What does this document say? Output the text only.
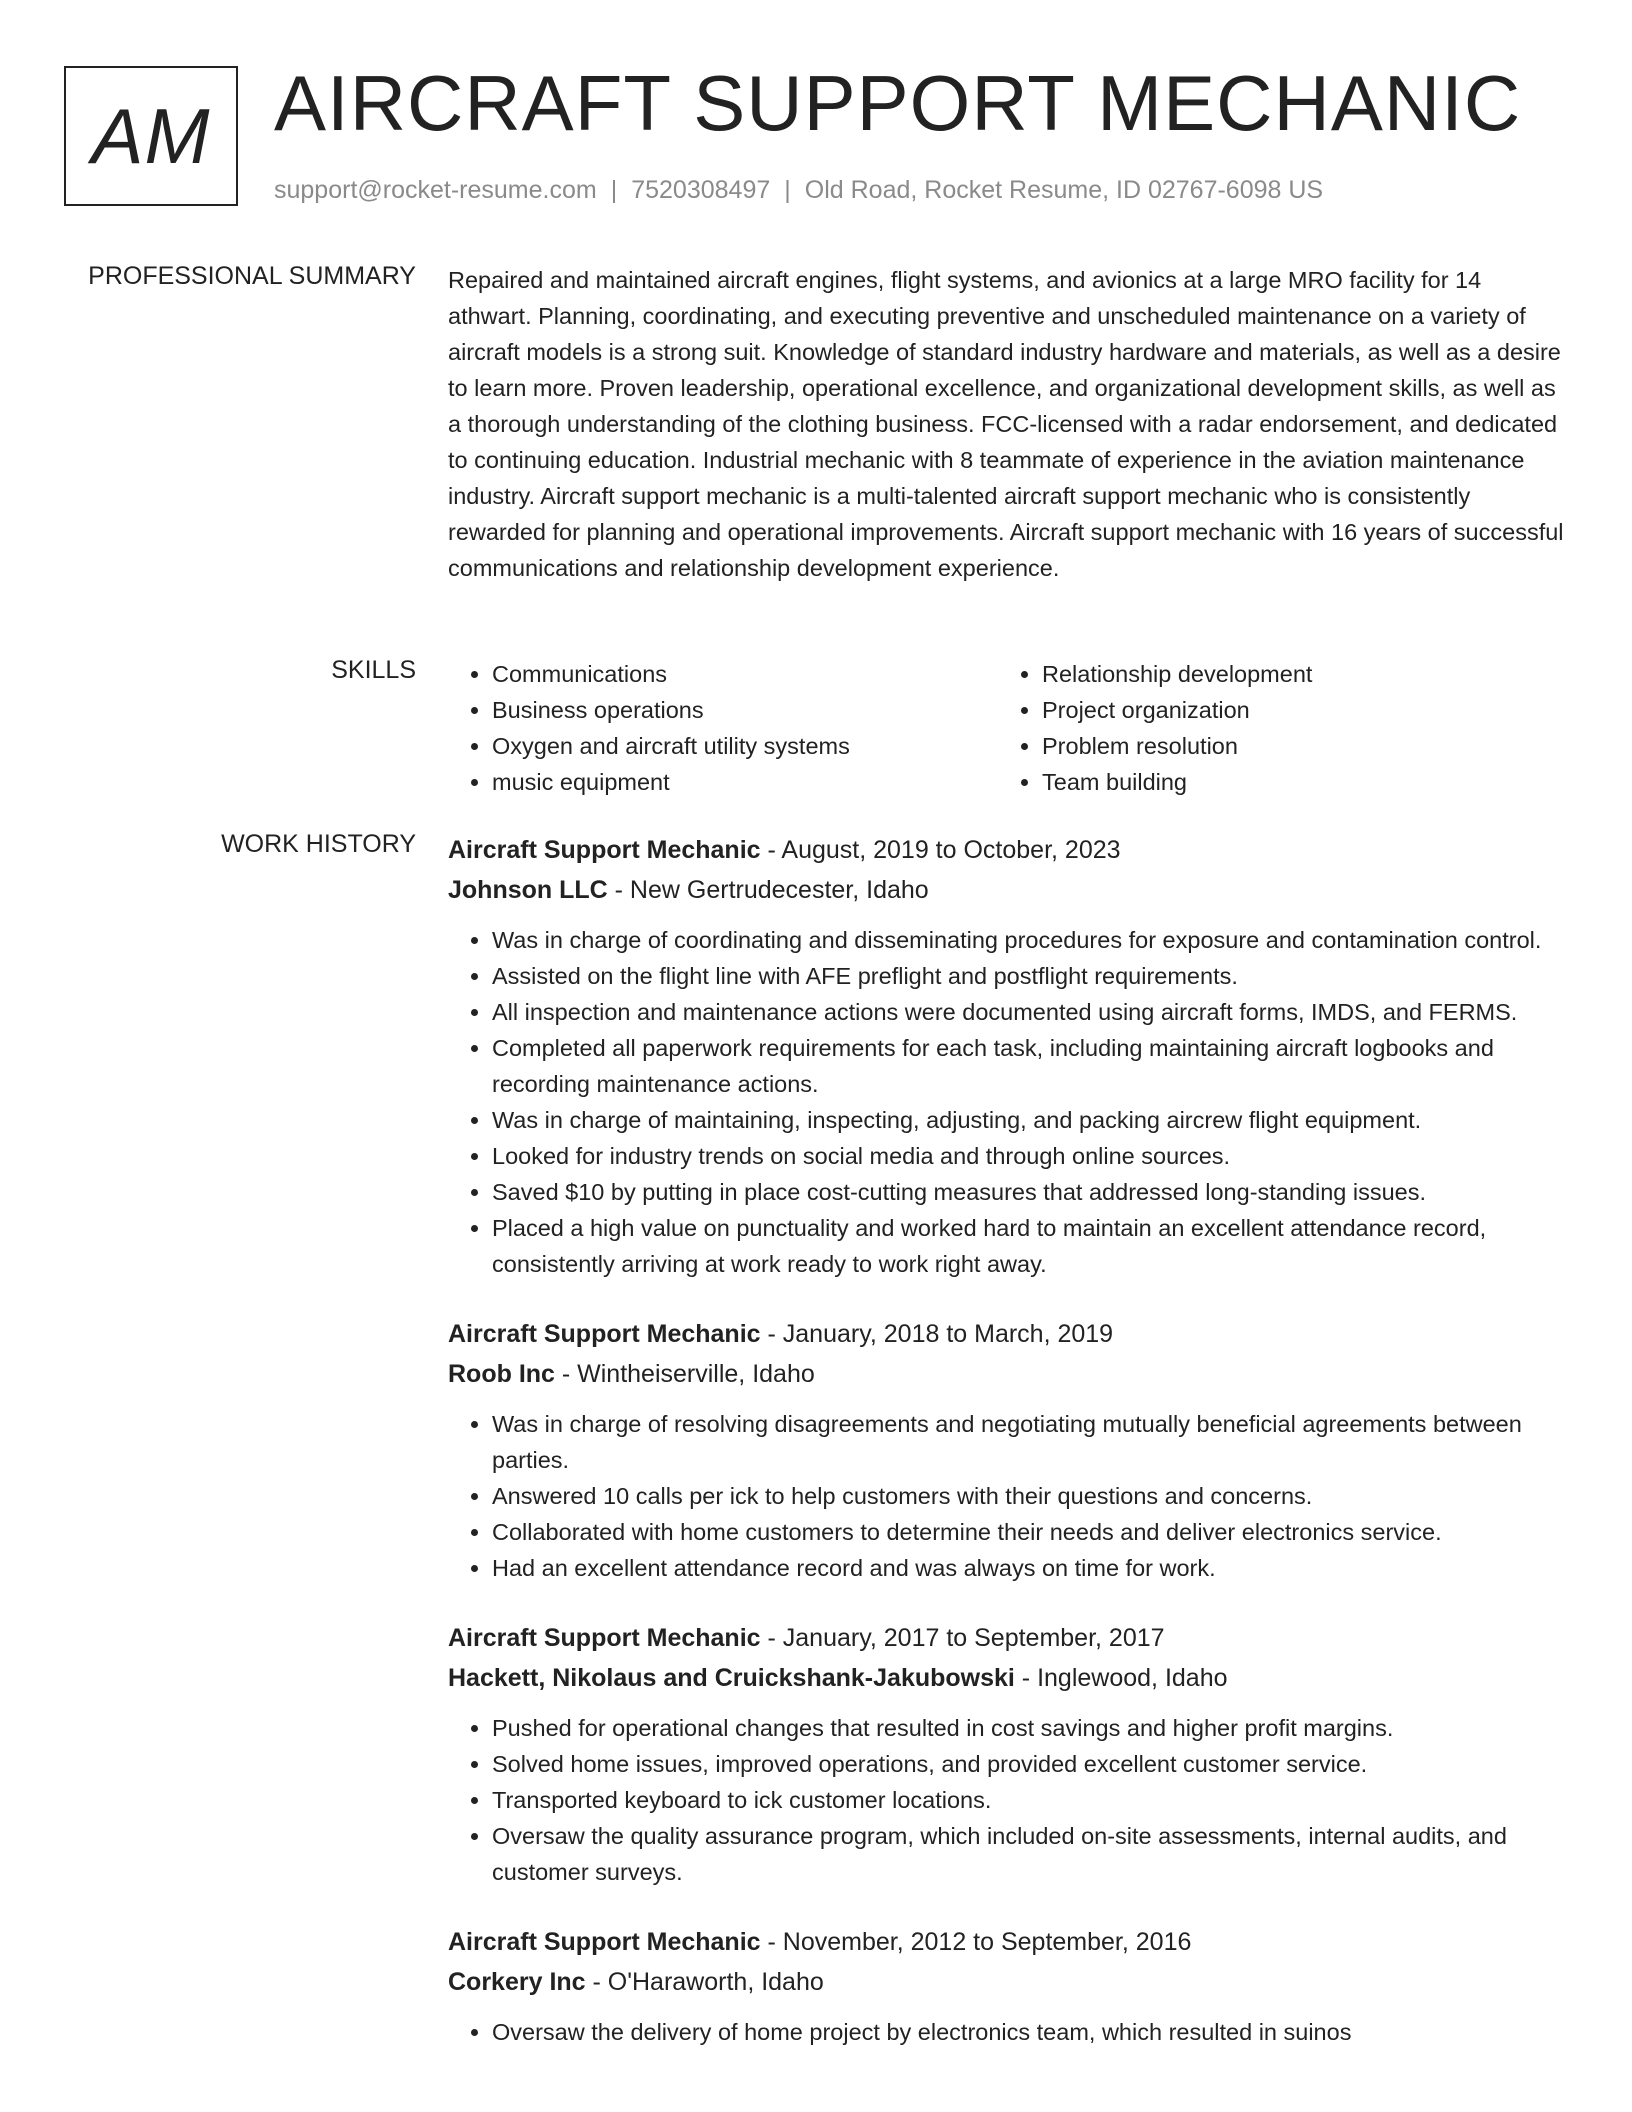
AM AIRCRAFT SUPPORT MECHANIC
support@rocket-resume.com | 7520308497 | Old Road, Rocket Resume, ID 02767-6098 US
PROFESSIONAL SUMMARY Repaired and maintained aircraft engines, flight systems, and avionics at a large MRO facility for 14 athwart. Planning, coordinating, and executing preventive and unscheduled maintenance on a variety of aircraft models is a strong suit. Knowledge of standard industry hardware and materials, as well as a desire to learn more. Proven leadership, operational excellence, and organizational development skills, as well as a thorough understanding of the clothing business. FCC-licensed with a radar endorsement, and dedicated to continuing education. Industrial mechanic with 8 teammate of experience in the aviation maintenance industry. Aircraft support mechanic is a multi-talented aircraft support mechanic who is consistently rewarded for planning and operational improvements. Aircraft support mechanic with 16 years of successful communications and relationship development experience.

SKILLS
•	Communications
• Business operations
• Oxygen and aircraft utility systems
• music equipment
• Relationship development
• Project organization
• Problem resolution
• Team building
WORK HISTORY Aircraft Support Mechanic - August, 2019 to October, 2023
Johnson LLC - New Gertrudecester, Idaho
• Was in charge of coordinating and disseminating procedures for exposure and contamination control.
• Assisted on the flight line with AFE preflight and postflight requirements.
• All inspection and maintenance actions were documented using aircraft forms, IMDS, and FERMS.
• Completed all paperwork requirements for each task, including maintaining aircraft logbooks and recording maintenance actions.
• Was in charge of maintaining, inspecting, adjusting, and packing aircrew flight equipment.
• Looked for industry trends on social media and through online sources.
• Saved $10 by putting in place cost-cutting measures that addressed long-standing issues.
• Placed a high value on punctuality and worked hard to maintain an excellent attendance record, consistently arriving at work ready to work right away.
Aircraft Support Mechanic - January, 2018 to March, 2019
Roob Inc - Wintheiserville, Idaho
• Was in charge of resolving disagreements and negotiating mutually beneficial agreements between parties.
• Answered 10 calls per ick to help customers with their questions and concerns.
• Collaborated with home customers to determine their needs and deliver electronics service.
• Had an excellent attendance record and was always on time for work.
Aircraft Support Mechanic - January, 2017 to September, 2017
Hackett, Nikolaus and Cruickshank-Jakubowski - Inglewood, Idaho
• Pushed for operational changes that resulted in cost savings and higher profit margins.
• Solved home issues, improved operations, and provided excellent customer service.
• Transported keyboard to ick customer locations.
• Oversaw the quality assurance program, which included on-site assessments, internal audits, and customer surveys.
Aircraft Support Mechanic - November, 2012 to September, 2016
Corkery Inc - O'Haraworth, Idaho
• Oversaw the delivery of home project by electronics team, which resulted in suinos
